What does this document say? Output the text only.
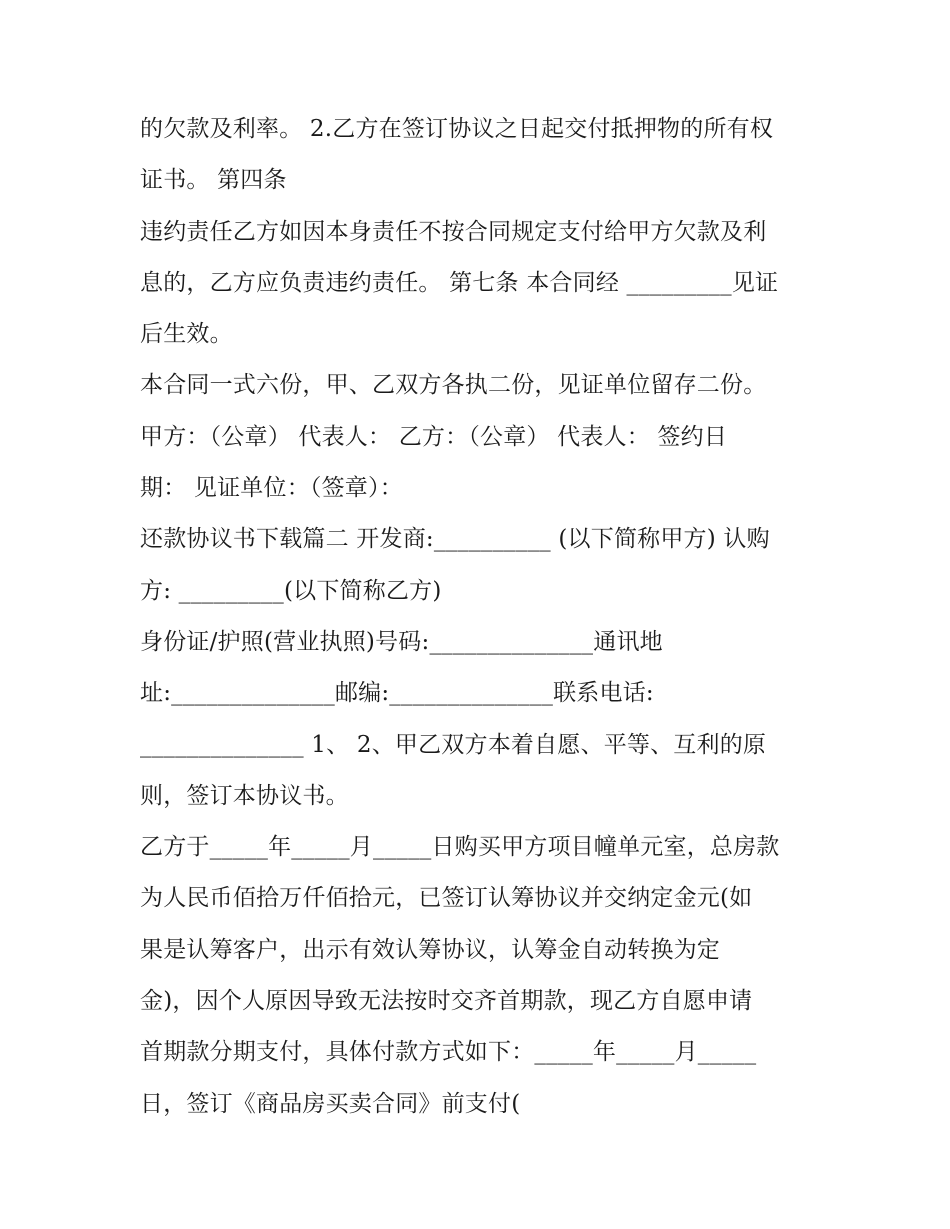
的欠款及利率。 2.乙方在签订协议之日起交付抵押物的所有权
证书。 第四条
违约责任乙方如因本身责任不按合同规定支付给甲方欠款及利
息的，乙方应负责违约责任。 第七条 本合同经 _________见证
后生效。
本合同一式六份，甲、乙双方各执二份，见证单位留存二份。
甲方：（公章） 代表人： 乙方：（公章） 代表人： 签约日
期： 见证单位：（签章）：
还款协议书下载篇二 开发商:__________ (以下简称甲方) 认购
方: _________(以下简称乙方)
身份证/护照(营业执照)号码:______________通讯地
址:______________邮编:______________联系电话:
______________ 1、 2、甲乙双方本着自愿、平等、互利的原
则，签订本协议书。
乙方于_____年_____月_____日购买甲方项目幢单元室，总房款
为人民币佰拾万仟佰拾元，已签订认筹协议并交纳定金元(如
果是认筹客户，出示有效认筹协议，认筹金自动转换为定
金)，因个人原因导致无法按时交齐首期款，现乙方自愿申请
首期款分期支付，具体付款方式如下：_____年_____月_____
日，签订《商品房买卖合同》前支付(
